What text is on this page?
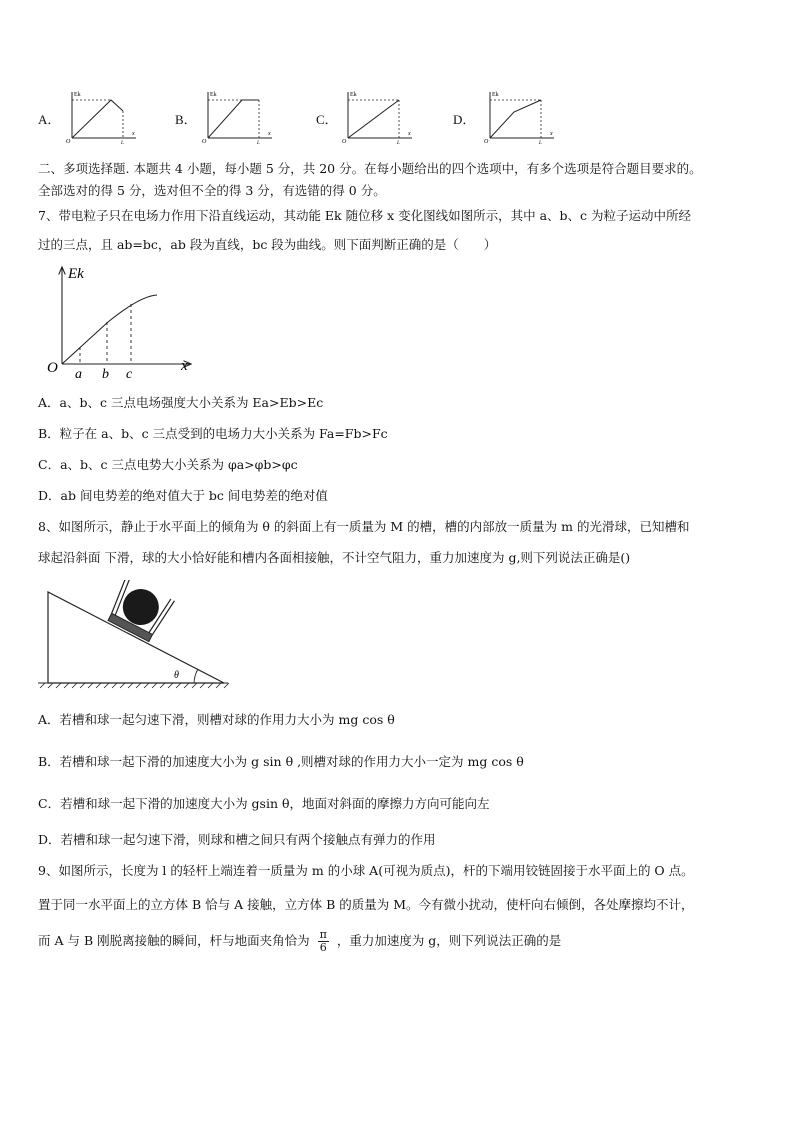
A．
Ek
O
x
L
B．
Ek
O
x
L
C．
Ek
O
x
L
D．
Ek
O
x
L
二、多项选择题. 本题共 4 小题，每小题 5 分，共 20 分。在每小题给出的四个选项中，有多个选项是符合题目要求的。
全部选对的得 5 分，选对但不全的得 3 分，有选错的得 0 分。
7、带电粒子只在电场力作用下沿直线运动，其动能 Ek 随位移 x 变化图线如图所示，其中 a、b、c 为粒子运动中所经
过的三点，且 ab=bc，ab 段为直线，bc 段为曲线。则下面判断正确的是（　　）
Ek
x
O a b c
A．a、b、c 三点电场强度大小关系为 Ea>Eb>Ec
B．粒子在 a、b、c 三点受到的电场力大小关系为 Fa=Fb>Fc
C．a、b、c 三点电势大小关系为 φa>φb>φc
D．ab 间电势差的绝对值大于 bc 间电势差的绝对值
8、如图所示，静止于水平面上的倾角为 θ 的斜面上有一质量为 M 的槽，槽的内部放一质量为 m 的光滑球，已知槽和
球起沿斜面 下滑，球的大小恰好能和槽内各面相接触，不计空气阻力，重力加速度为 g,则下列说法正确是()
θ
A．若槽和球一起匀速下滑，则槽对球的作用力大小为 mg cos θ
B．若槽和球一起下滑的加速度大小为 g sin θ ,则槽对球的作用力大小一定为 mg cos θ
C．若槽和球一起下滑的加速度大小为 gsin θ，地面对斜面的摩擦力方向可能向左
D．若槽和球一起匀速下滑，则球和槽之间只有两个接触点有弹力的作用
9、如图所示，长度为 l 的轻杆上端连着一质量为 m 的小球 A(可视为质点)，杆的下端用铰链固接于水平面上的 O 点。
置于同一水平面上的立方体 B 恰与 A 接触，立方体 B 的质量为 M。今有微小扰动，使杆向右倾倒，各处摩擦均不计，
而 A 与 B 刚脱离接触的瞬间，杆与地面夹角恰为 $\frac{\pi}{6}$ ，重力加速度为 g，则下列说法正确的是
